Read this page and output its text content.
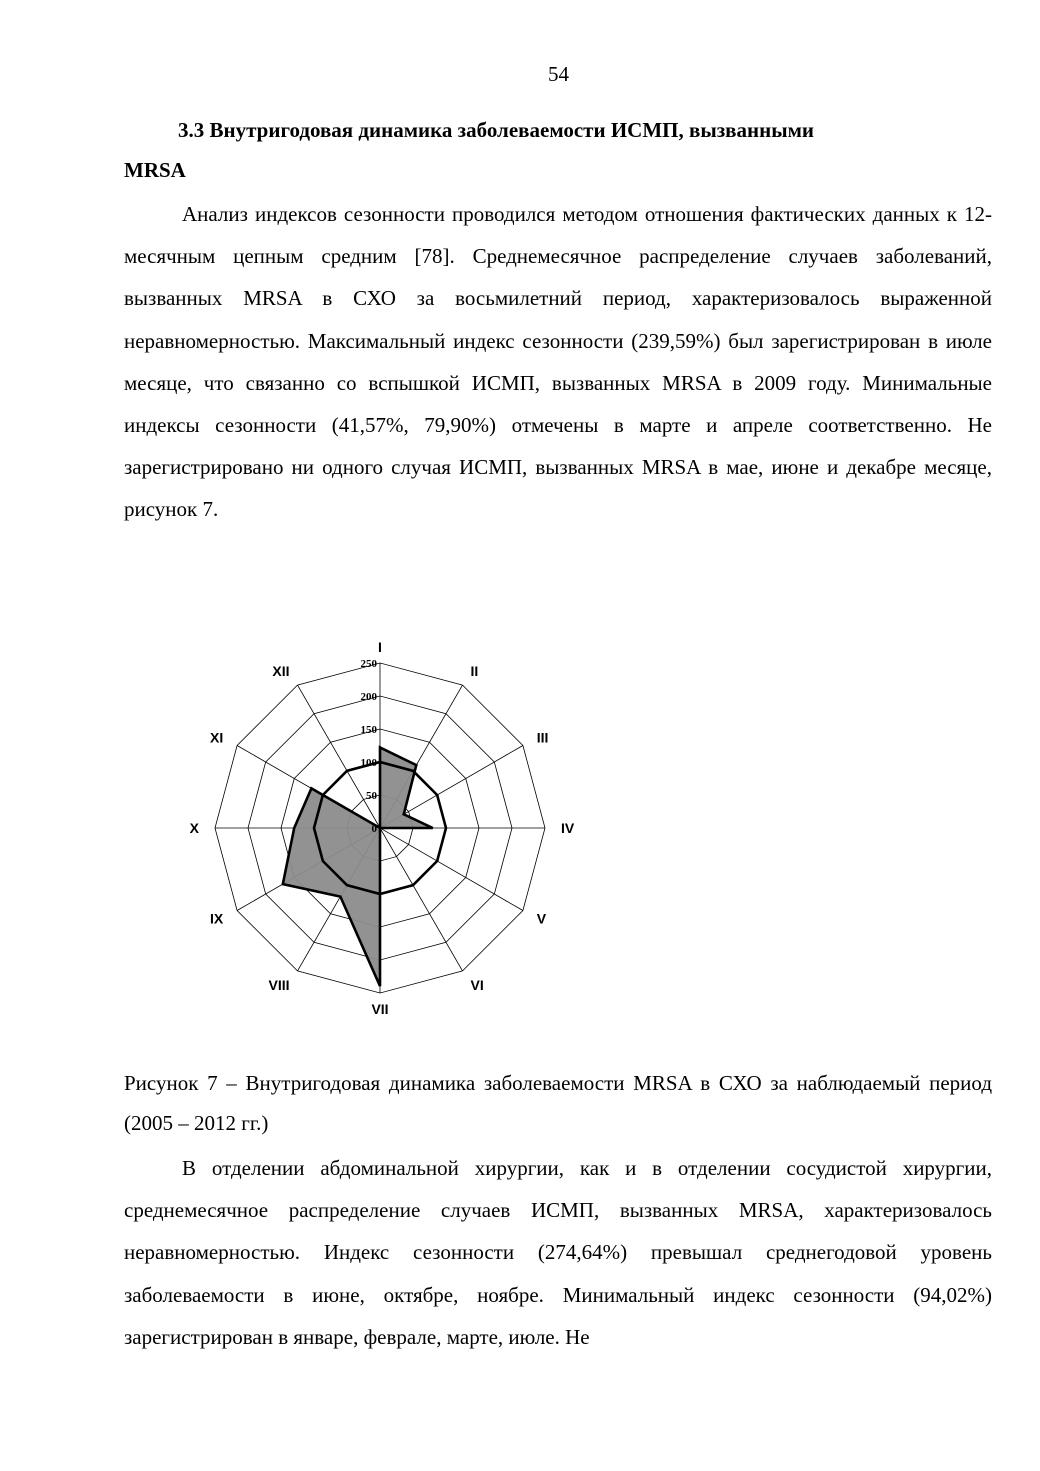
54
3.3 Внутригодовая динамика заболеваемости ИСМП, вызванными
MRSA

Анализ индексов сезонности проводился методом отношения фактических данных к 12-месячным цепным средним [78]. Среднемесячное распределение случаев заболеваний, вызванных MRSA в СХО за восьмилетний период, характеризовалось выраженной неравномерностью. Максимальный индекс сезонности (239,59%) был зарегистрирован в июле месяце, что связанно со вспышкой ИСМП, вызванных MRSA в 2009 году. Минимальные индексы сезонности (41,57%, 79,90%) отмечены в марте и апреле соответственно. Не зарегистрировано ни одного случая ИСМП, вызванных MRSA в мае, июне и декабре месяце, рисунок 7.

0
50
100
150
200
250
I
II
III
IV
V
VI
VII
VIII
IX
X
XI
XII

Рисунок 7 – Внутригодовая динамика заболеваемости MRSA в СХО за наблюдаемый период (2005 – 2012 гг.)

В отделении абдоминальной хирургии, как и в отделении сосудистой хирургии, среднемесячное распределение случаев ИСМП, вызванных MRSA, характеризовалось неравномерностью. Индекс сезонности (274,64%) превышал среднегодовой уровень заболеваемости в июне, октябре, ноябре. Минимальный индекс сезонности (94,02%) зарегистрирован в январе, феврале, марте, июле. Не
